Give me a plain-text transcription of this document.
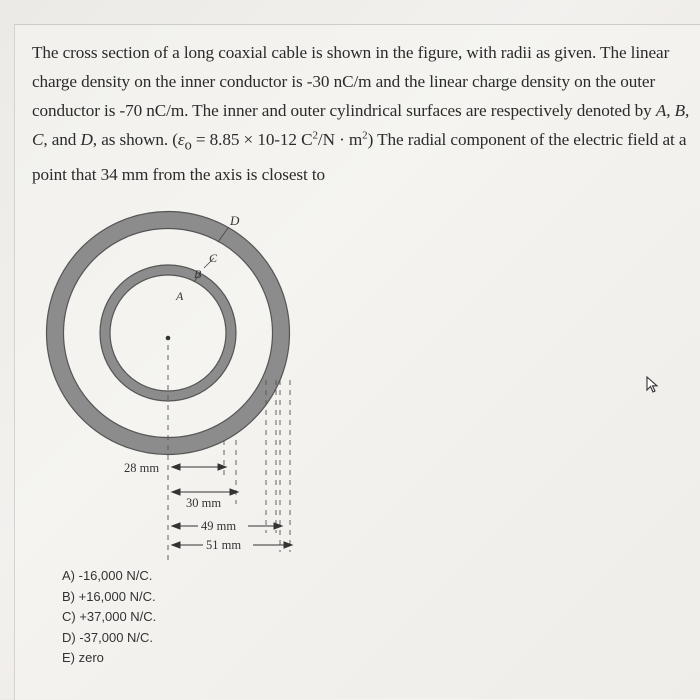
The cross section of a long coaxial cable is shown in the figure, with radii as given. The linear charge density on the inner conductor is -30 nC/m and the linear charge density on the outer conductor is -70 nC/m. The inner and outer cylindrical surfaces are respectively denoted by A, B, C, and D, as shown. ($\varepsilon_o = 8.85 \times 10-12$ $C^2/N \cdot m^2$) The radial component of the electric field at a point that 34 mm from the axis is closest to

D
C
B
A
28 mm
30 mm
49 mm
51 mm
A) -16,000 N/C.
B) +16,000 N/C.
C) +37,000 N/C.
D) -37,000 N/C.
E) zero
